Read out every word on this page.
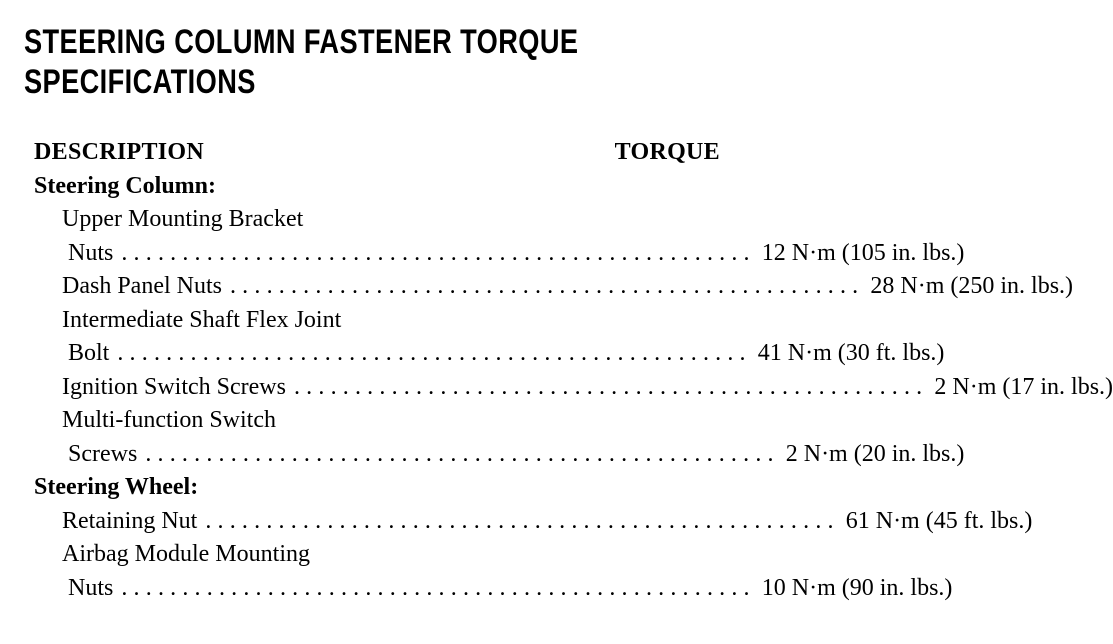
STEERING COLUMN FASTENER TORQUE
SPECIFICATIONS
DESCRIPTION	TORQUE
Steering Column:
Upper Mounting Bracket
Nuts .................................................... 12 N·m (105 in. lbs.)
Dash Panel Nuts .................................................... 28 N·m (250 in. lbs.)
Intermediate Shaft Flex Joint
Bolt .................................................... 41 N·m (30 ft. lbs.)
Ignition Switch Screws .................................................... 2 N·m (17 in. lbs.)
Multi-function Switch
Screws .................................................... 2 N·m (20 in. lbs.)
Steering Wheel:
Retaining Nut .................................................... 61 N·m (45 ft. lbs.)
Airbag Module Mounting
Nuts .................................................... 10 N·m (90 in. lbs.)
